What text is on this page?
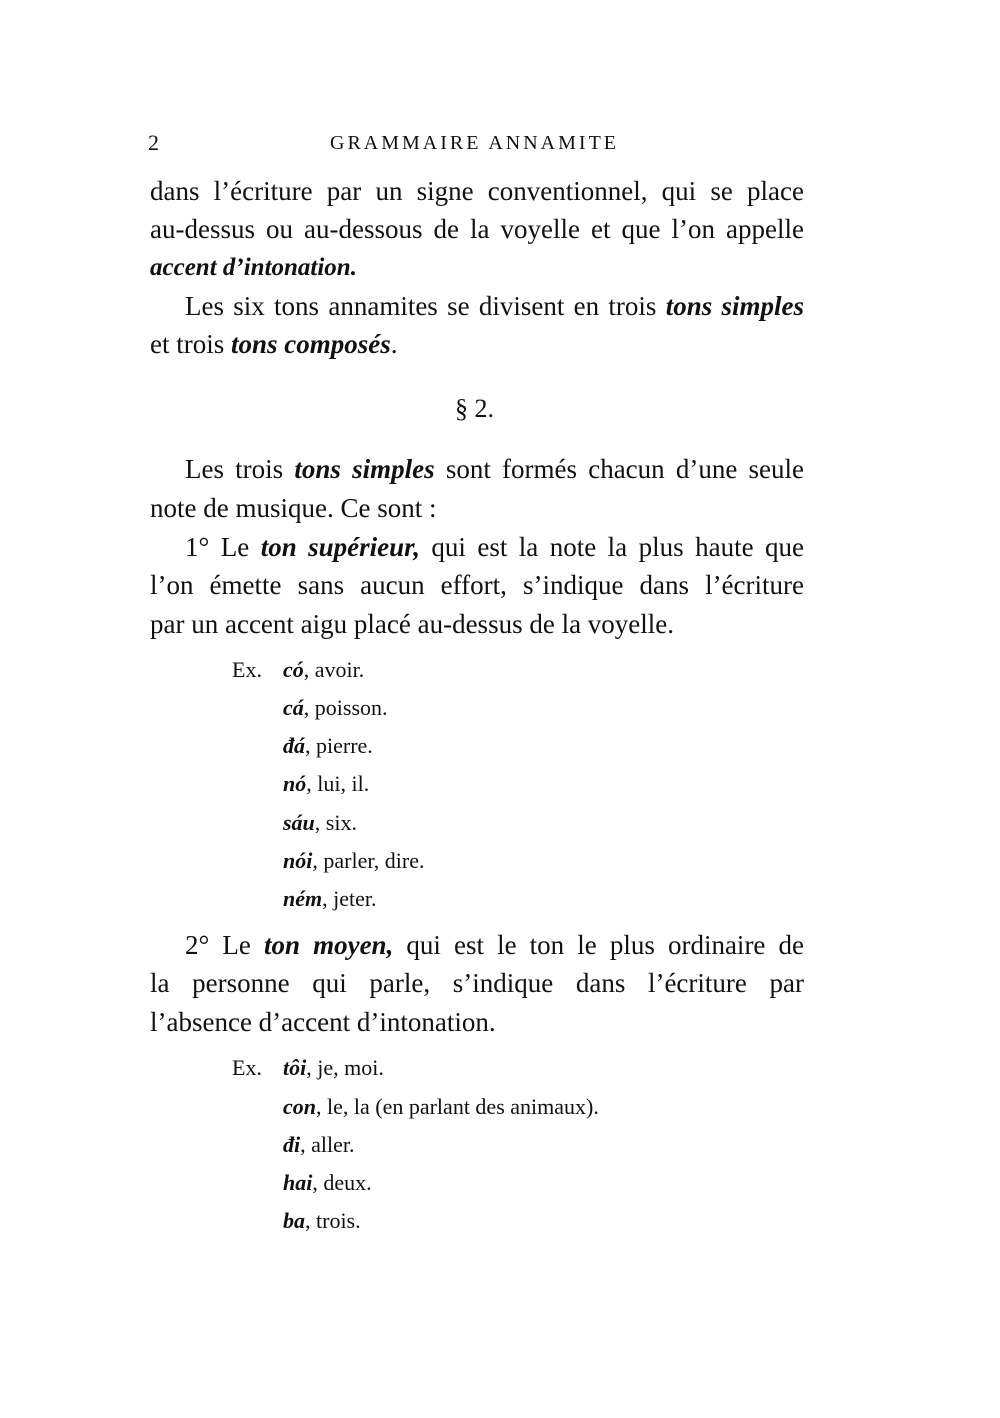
2	GRAMMAIRE ANNAMITE
dans l’écriture par un signe conventionnel, qui se place
au-dessus ou au-dessous de la voyelle et que l’on appelle
accent d’intonation.
Les six tons annamites se divisent en trois tons simples
et trois tons composés.
§ 2.
Les trois tons simples sont formés chacun d’une seule
note de musique. Ce sont :
1° Le ton supérieur, qui est la note la plus haute que
l’on émette sans aucun effort, s’indique dans l’écriture
par un accent aigu placé au-dessus de la voyelle.
Ex. có, avoir.
cá, poisson.
đá, pierre.
nó, lui, il.
sáu, six.
nói, parler, dire.
ném, jeter.
2° Le ton moyen, qui est le ton le plus ordinaire de
la personne qui parle, s’indique dans l’écriture par
l’absence d’accent d’intonation.
Ex. tôi, je, moi.
con, le, la (en parlant des animaux).
đi, aller.
hai, deux.
ba, trois.
